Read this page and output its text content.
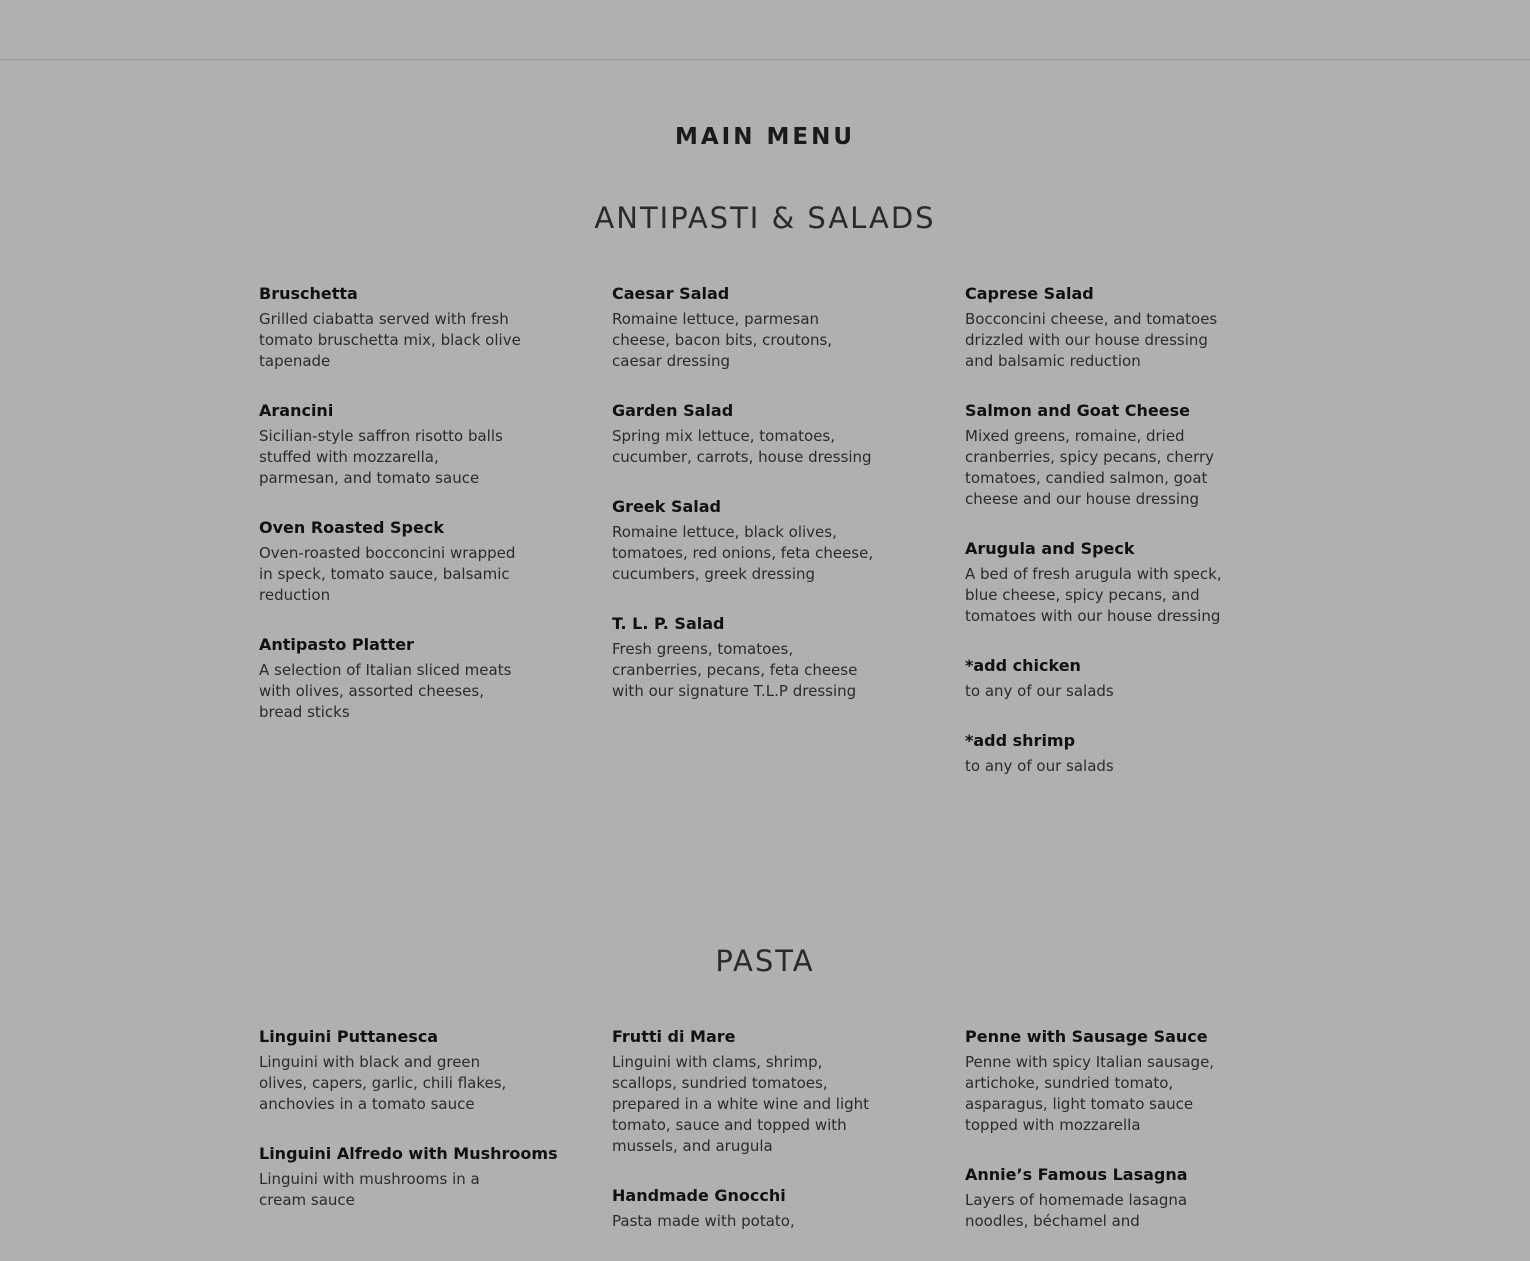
MAIN MENU
ANTIPASTI & SALADS
Bruschetta

Grilled ciabatta served with fresh tomato bruschetta mix, black olive tapenade

Arancini

Sicilian-style saffron risotto balls stuffed with mozzarella, parmesan, and tomato sauce

Oven Roasted Speck

Oven-roasted bocconcini wrapped in speck, tomato sauce, balsamic reduction

Antipasto Platter

A selection of Italian sliced meats with olives, assorted cheeses, bread sticks

Caesar Salad

Romaine lettuce, parmesan cheese, bacon bits, croutons, caesar dressing

Garden Salad

Spring mix lettuce, tomatoes, cucumber, carrots, house dressing

Greek Salad

Romaine lettuce, black olives, tomatoes, red onions, feta cheese, cucumbers, greek dressing

T. L. P. Salad

Fresh greens, tomatoes, cranberries, pecans, feta cheese with our signature T.L.P dressing

Caprese Salad

Bocconcini cheese, and tomatoes drizzled with our house dressing and balsamic reduction

Salmon and Goat Cheese

Mixed greens, romaine, dried cranberries, spicy pecans, cherry tomatoes, candied salmon, goat cheese and our house dressing

Arugula and Speck

A bed of fresh arugula with speck, blue cheese, spicy pecans, and tomatoes with our house dressing

*add chicken

to any of our salads

*add shrimp

to any of our salads

PASTA
Linguini Puttanesca

Linguini with black and green olives, capers, garlic, chili flakes, anchovies in a tomato sauce

Linguini Alfredo with Mushrooms

Linguini with mushrooms in a cream sauce

Frutti di Mare

Linguini with clams, shrimp, scallops, sundried tomatoes, prepared in a white wine and light tomato, sauce and topped with mussels, and arugula

Handmade Gnocchi

Pasta made with potato,

Penne with Sausage Sauce

Penne with spicy Italian sausage, artichoke, sundried tomato, asparagus, light tomato sauce topped with mozzarella

Annie’s Famous Lasagna

Layers of homemade lasagna noodles, béchamel and
